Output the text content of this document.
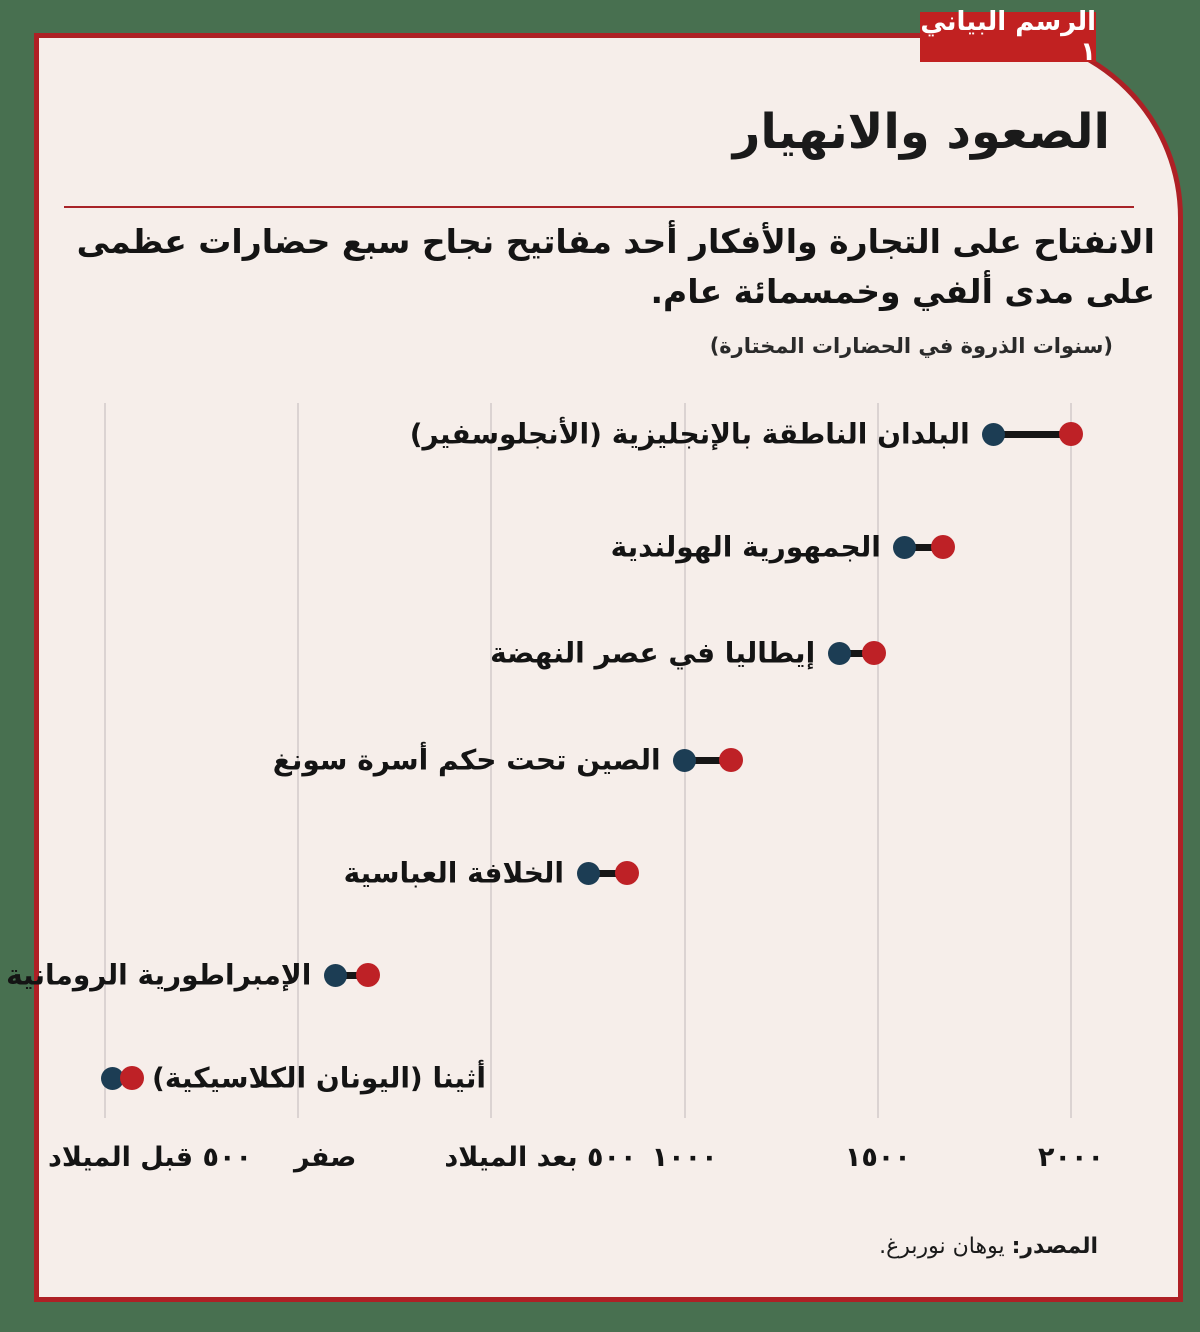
الرسم البياني ١
الصعود والانهيار
الانفتاح على التجارة والأفكار أحد مفاتيح نجاح سبع حضارات عظمى
على مدى ألفي وخمسمائة عام.

(سنوات الذروة في الحضارات المختارة)

٥٠٠ قبل الميلاد صفر	٥٠٠ بعد الميلاد ١٠٠٠	١٥٠٠	٢٠٠٠
البلدان الناطقة بالإنجليزية (الأنجلوسفير)
الجمهورية الهولندية
إيطاليا في عصر النهضة
الصين تحت حكم أسرة سونغ
الخلافة العباسية
الإمبراطورية الرومانية
أثينا (اليونان الكلاسيكية)

المصدر: يوهان نوربرغ.
